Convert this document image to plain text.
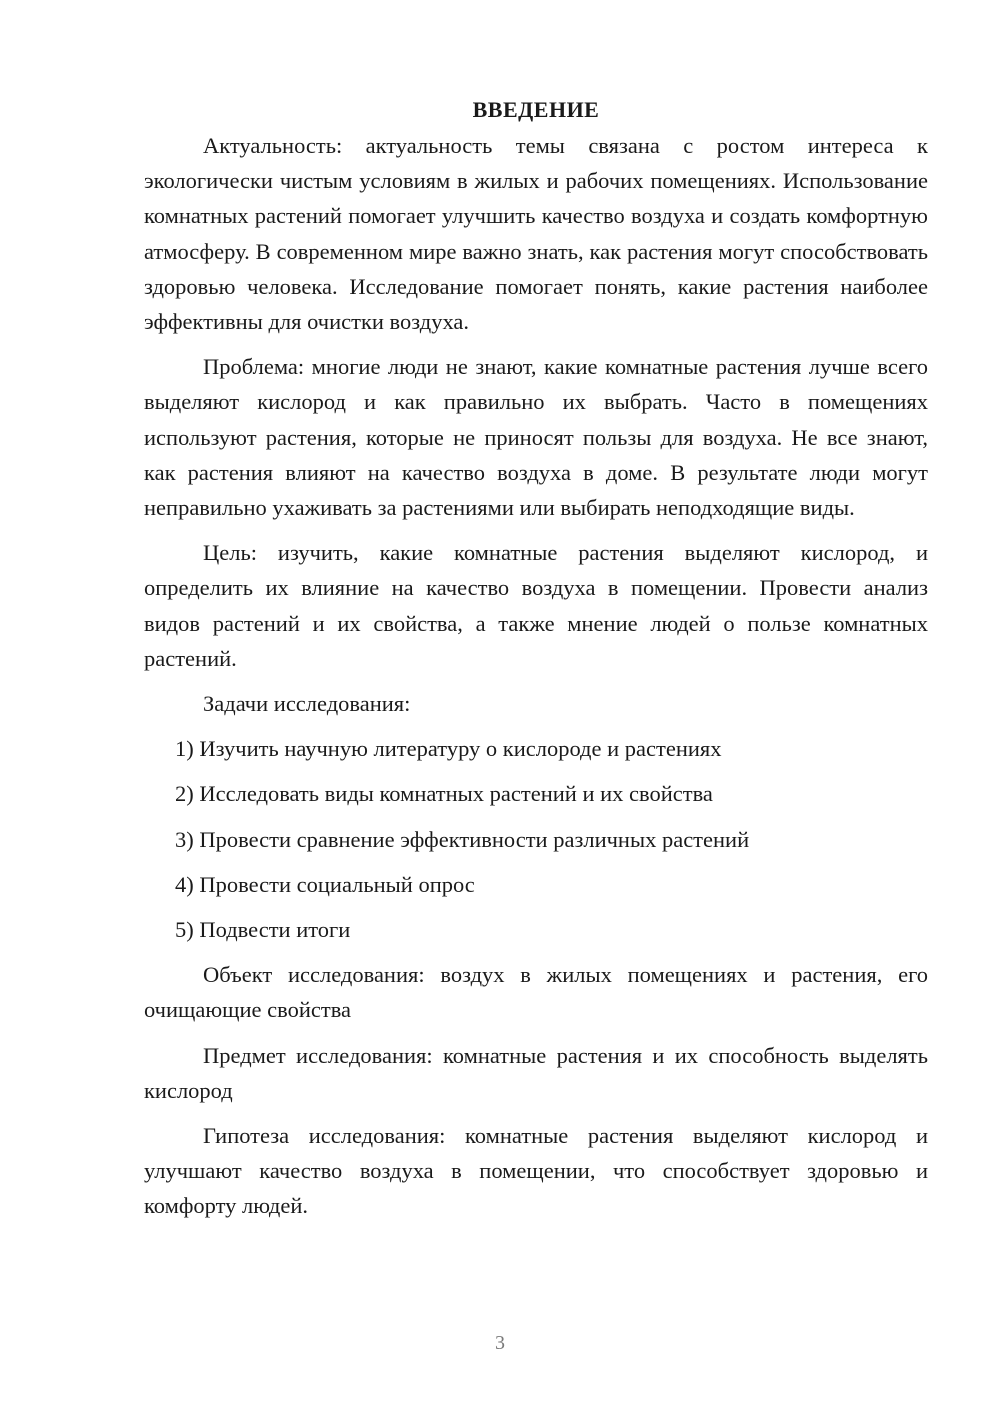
ВВЕДЕНИЕ

Актуальность: актуальность темы связана с ростом интереса к экологически чистым условиям в жилых и рабочих помещениях. Использование комнатных растений помогает улучшить качество воздуха и создать комфортную атмосферу. В современном мире важно знать, как растения могут способствовать здоровью человека. Исследование помогает понять, какие растения наиболее эффективны для очистки воздуха.

Проблема: многие люди не знают, какие комнатные растения лучше всего выделяют кислород и как правильно их выбрать. Часто в помещениях используют растения, которые не приносят пользы для воздуха. Не все знают, как растения влияют на качество воздуха в доме. В результате люди могут неправильно ухаживать за растениями или выбирать неподходящие виды.

Цель: изучить, какие комнатные растения выделяют кислород, и определить их влияние на качество воздуха в помещении. Провести анализ видов растений и их свойства, а также мнение людей о пользе комнатных растений.

Задачи исследования:

1) Изучить научную литературу о кислороде и растениях
2) Исследовать виды комнатных растений и их свойства
3) Провести сравнение эффективности различных растений
4) Провести социальный опрос
5) Подвести итоги

Объект исследования: воздух в жилых помещениях и растения, его очищающие свойства

Предмет исследования: комнатные растения и их способность выделять кислород

Гипотеза исследования: комнатные растения выделяют кислород и улучшают качество воздуха в помещении, что способствует здоровью и комфорту людей.

3
